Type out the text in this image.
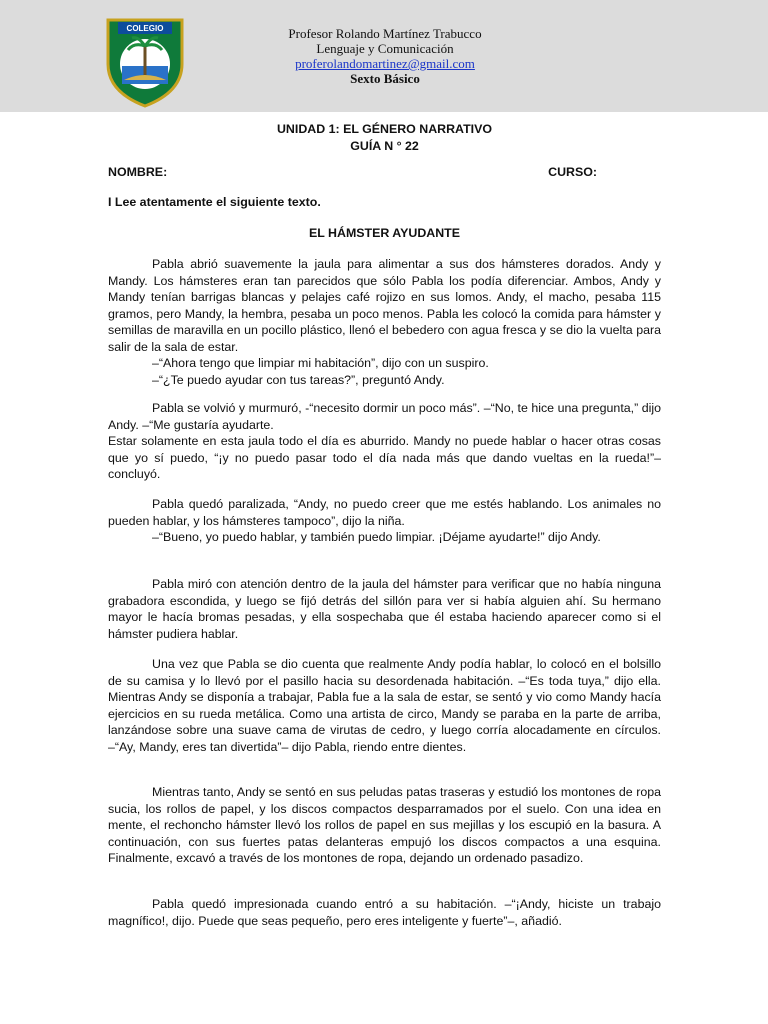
COLEGIO	Profesor Rolando Martínez Trabucco
Lenguaje y Comunicación
proferolandomartinez@gmail.com
Sexto Básico
UNIDAD 1: EL GÉNERO NARRATIVO
GUÍA N ° 22
NOMBRE:	CURSO:
I Lee atentamente el siguiente texto.
EL HÁMSTER AYUDANTE

Pabla abrió suavemente la jaula para alimentar a sus dos hámsteres dorados. Andy y Mandy. Los hámsteres eran tan parecidos que sólo Pabla los podía diferenciar. Ambos, Andy y Mandy tenían barrigas blancas y pelajes café rojizo en sus lomos. Andy, el macho, pesaba 115 gramos, pero Mandy, la hembra, pesaba un poco menos. Pabla les colocó la comida para hámster y semillas de maravilla en un pocillo plástico, llenó el bebedero con agua fresca y se dio la vuelta para salir de la sala de estar.

–“Ahora tengo que limpiar mi habitación”, dijo con un suspiro.

–“¿Te puedo ayudar con tus tareas?”, preguntó Andy.

Pabla se volvió y murmuró, -“necesito dormir un poco más”. –“No, te hice una pregunta,” dijo Andy. –“Me gustaría ayudarte.

Estar solamente en esta jaula todo el día es aburrido. Mandy no puede hablar o hacer otras cosas que yo sí puedo, “¡y no puedo pasar todo el día nada más que dando vueltas en la rueda!”– concluyó.

Pabla quedó paralizada, “Andy, no puedo creer que me estés hablando. Los animales no pueden hablar, y los hámsteres tampoco”, dijo la niña.

–“Bueno, yo puedo hablar, y también puedo limpiar. ¡Déjame ayudarte!” dijo Andy.

Pabla miró con atención dentro de la jaula del hámster para verificar que no había ninguna grabadora escondida, y luego se fijó detrás del sillón para ver si había alguien ahí. Su hermano mayor le hacía bromas pesadas, y ella sospechaba que él estaba haciendo aparecer como si el hámster pudiera hablar.

Una vez que Pabla se dio cuenta que realmente Andy podía hablar, lo colocó en el bolsillo de su camisa y lo llevó por el pasillo hacia su desordenada habitación. –“Es toda tuya,” dijo ella. Mientras Andy se disponía a trabajar, Pabla fue a la sala de estar, se sentó y vio como Mandy hacía ejercicios en su rueda metálica. Como una artista de circo, Mandy se paraba en la parte de arriba, lanzándose sobre una suave cama de virutas de cedro, y luego corría alocadamente en círculos. –“Ay, Mandy, eres tan divertida”– dijo Pabla, riendo entre dientes.

Mientras tanto, Andy se sentó en sus peludas patas traseras y estudió los montones de ropa sucia, los rollos de papel, y los discos compactos desparramados por el suelo. Con una idea en mente, el rechoncho hámster llevó los rollos de papel en sus mejillas y los escupió en la basura. A continuación, con sus fuertes patas delanteras empujó los discos compactos a una esquina. Finalmente, excavó a través de los montones de ropa, dejando un ordenado pasadizo.

Pabla quedó impresionada cuando entró a su habitación. –“¡Andy, hiciste un trabajo magnífico!, dijo. Puede que seas pequeño, pero eres inteligente y fuerte”–, añadió.
